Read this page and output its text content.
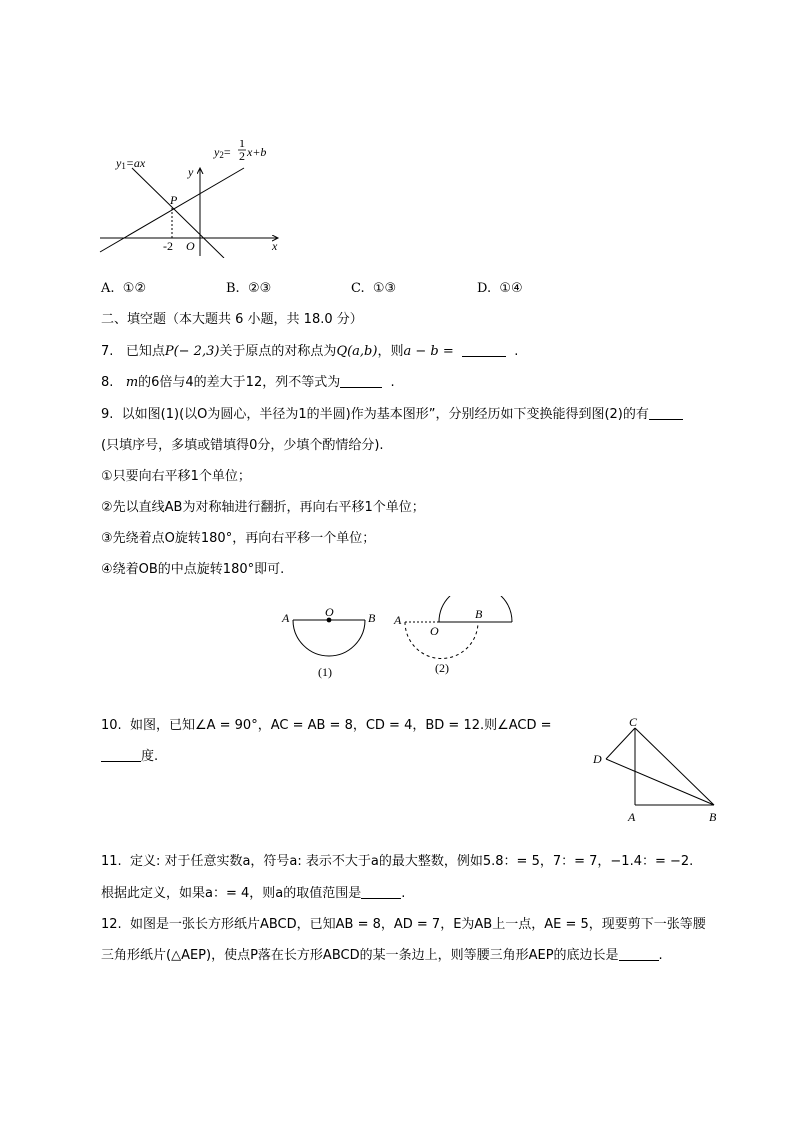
y1=ax
y2=
1
2 x+b
y
x
P
-2 O
A. ①②	B. ②③	C. ①③	D. ①④
二、填空题（本大题共 6 小题，共 18.0 分）
7. 已知点P(− 2,3)关于原点的对称点为Q(a,b)，则a − b =	.
8. m的6倍与4的差大于12，列不等式为	.
9. 以如图(1)(以O为圆心，半径为1的半圆)作为基本图形”，分别经历如下变换能得到图(2)的有
(只填序号，多填或错填得0分，少填个酌情给分).
①只要向右平移1个单位；
②先以直线AB为对称轴进行翻折，再向右平移1个单位；
③先绕着点O旋转180°，再向右平移一个单位；
④绕着OB的中点旋转180°即可.
A	O	B
(1)
A
O
B
(2)
10. 如图，已知∠A = 90°，AC = AB = 8，CD = 4，BD = 12.则∠ACD =
度.
C
D
A	B
11. 定义: 对于任意实数a，符号a: 表示不大于a的最大整数，例如5.8：= 5，7：= 7，−1.4：= −2.
根据此定义，如果a：= 4，则a的取值范围是	.
12. 如图是一张长方形纸片ABCD，已知AB = 8，AD = 7，E为AB上一点，AE = 5，现要剪下一张等腰
三角形纸片(△AEP)，使点P落在长方形ABCD的某一条边上，则等腰三角形AEP的底边长是	.
